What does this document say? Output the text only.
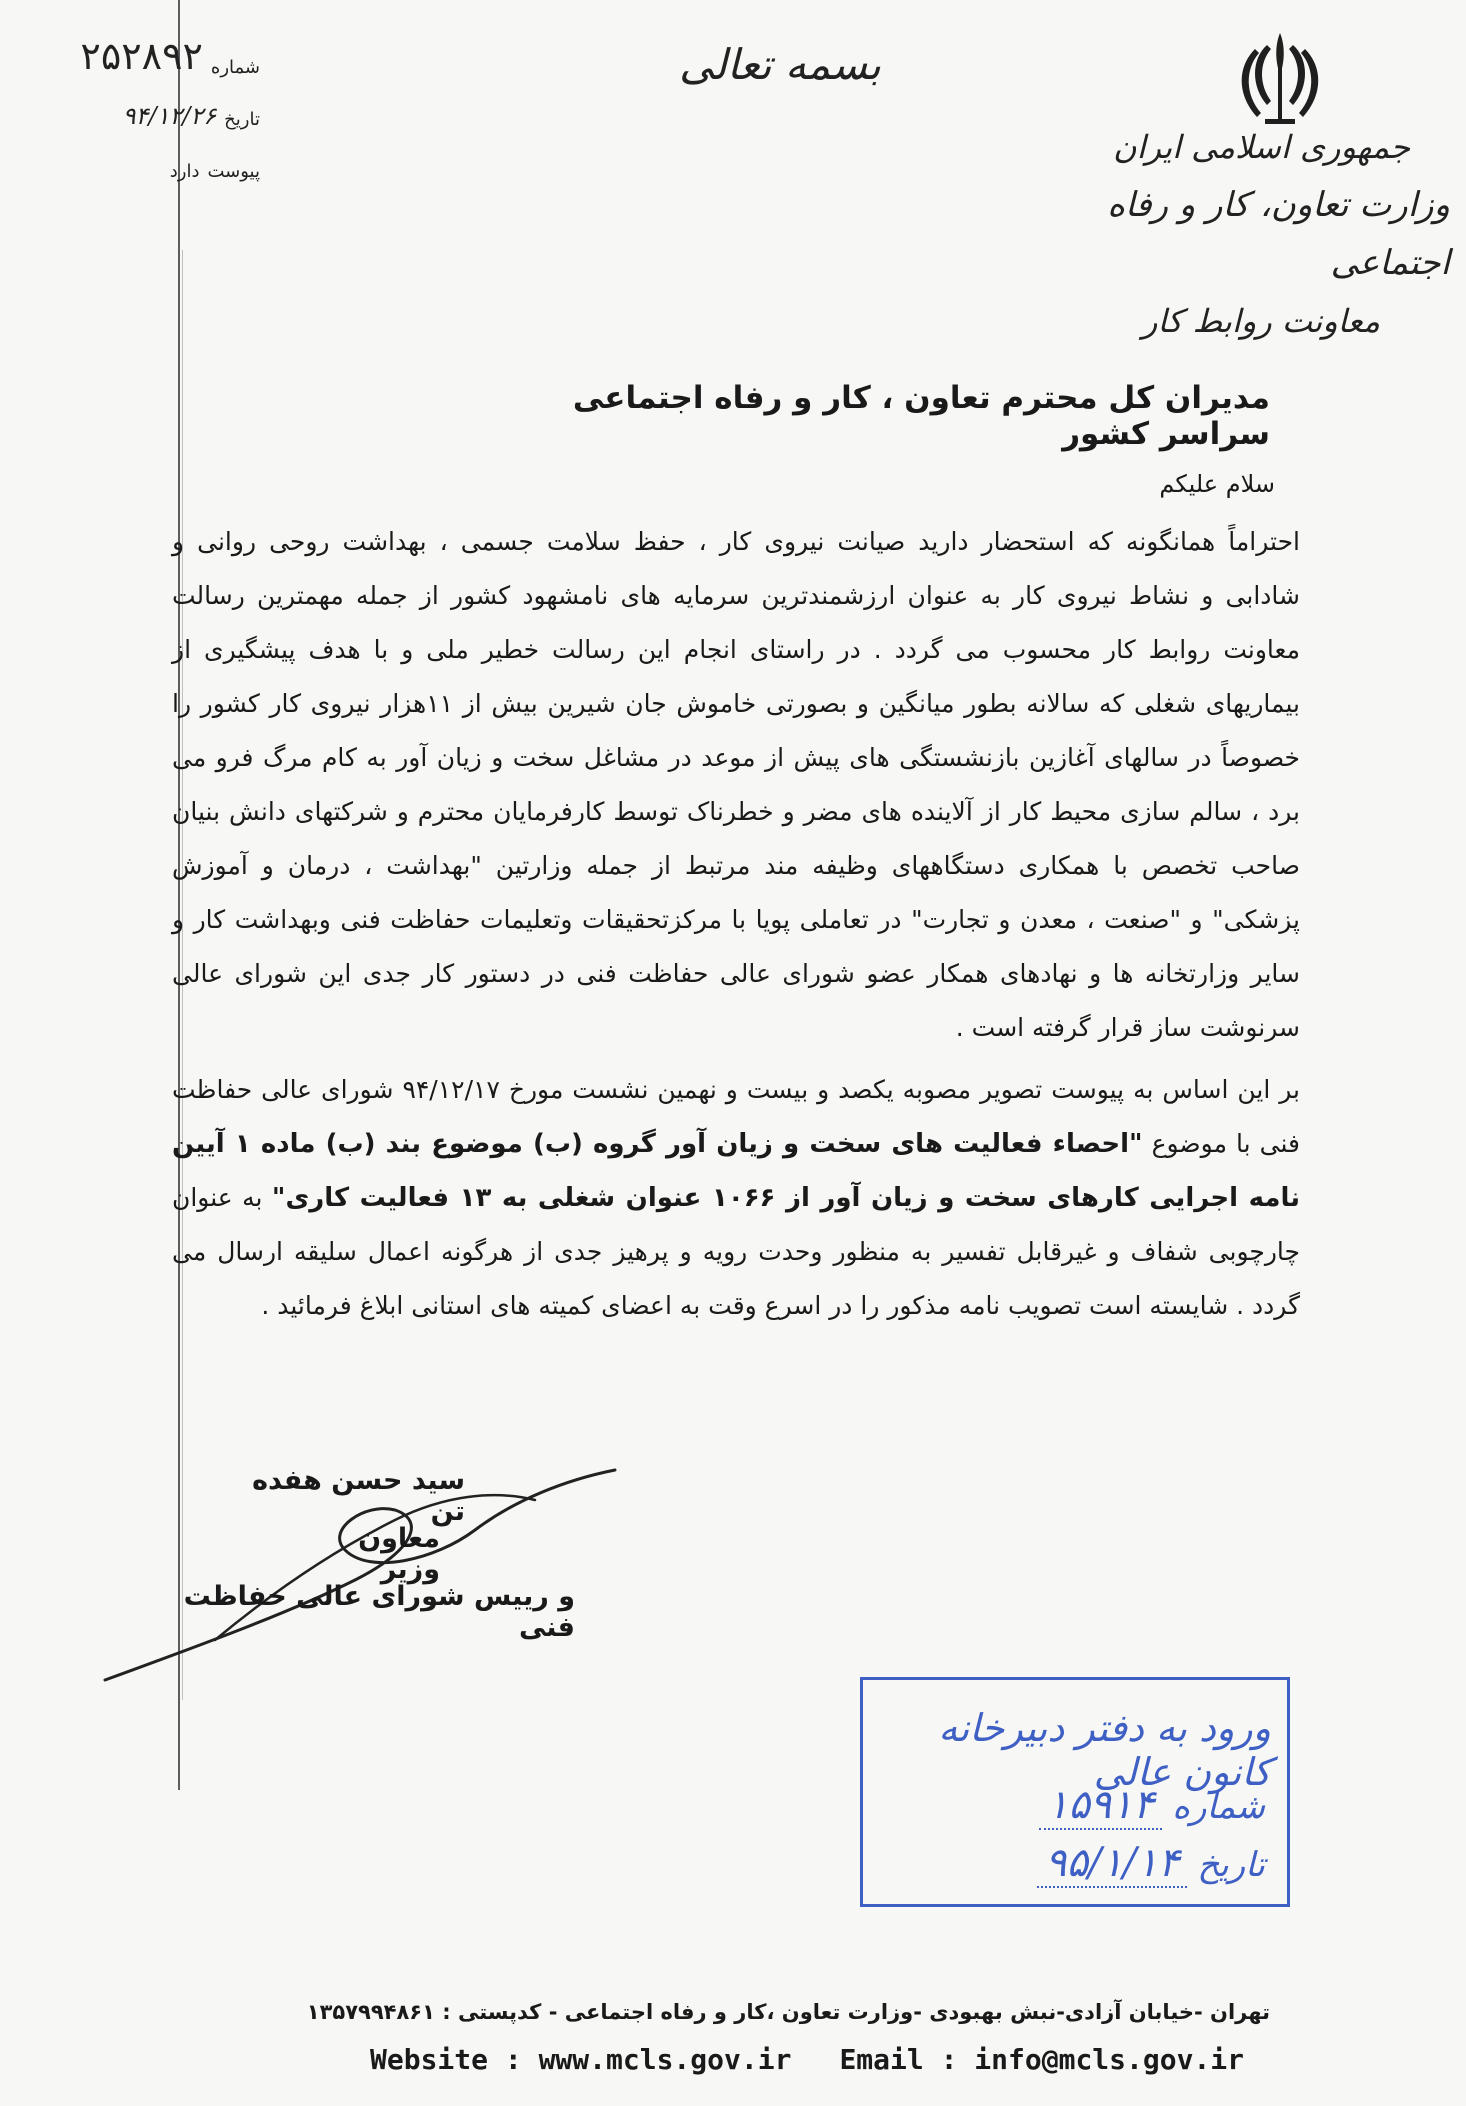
شماره
۲۵۲۸۹۲
تاریخ
۹۴/۱۲/۲۶
پیوست
دارد
بسمه تعالی
جمهوری اسلامی ایران
وزارت تعاون، کار و رفاه اجتماعی
معاونت روابط کار
مدیران کل محترم تعاون ، کار و رفاه اجتماعی سراسر کشور
سلام علیکم

احتراماً همانگونه که استحضار دارید صیانت نیروی کار ، حفظ سلامت جسمی ، بهداشت روحی روانی و شادابی و نشاط نیروی کار به عنوان ارزشمندترین سرمایه های نامشهود کشور از جمله مهمترین رسالت معاونت روابط کار محسوب می گردد . در راستای انجام این رسالت خطیر ملی و با هدف پیشگیری از بیماریهای شغلی که سالانه بطور میانگین و بصورتی خاموش جان شیرین بیش از ۱۱هزار نیروی کار کشور را خصوصاً در سالهای آغازین بازنشستگی های پیش از موعد در مشاغل سخت و زیان آور به کام مرگ فرو می برد ، سالم سازی محیط کار از آلاینده های مضر و خطرناک توسط کارفرمایان محترم و شرکتهای دانش بنیان صاحب تخصص با همکاری دستگاههای وظیفه مند مرتبط از جمله وزارتین "بهداشت ، درمان و آموزش پزشکی" و "صنعت ، معدن و تجارت" در تعاملی پویا با مرکزتحقیقات وتعلیمات حفاظت فنی وبهداشت کار و سایر وزارتخانه ها و نهادهای همکار عضو شورای عالی حفاظت فنی در دستور کار جدی این شورای عالی سرنوشت ساز قرار گرفته است .

بر این اساس به پیوست تصویر مصوبه یکصد و بیست و نهمین نشست مورخ ۹۴/۱۲/۱۷ شورای عالی حفاظت فنی با موضوع "احصاء فعالیت های سخت و زیان آور گروه (ب) موضوع بند (ب) ماده ۱ آیین نامه اجرایی کارهای سخت و زیان آور از ۱۰۶۶ عنوان شغلی به ۱۳ فعالیت کاری" به عنوان چارچوبی شفاف و غیرقابل تفسیر به منظور وحدت رویه و پرهیز جدی از هرگونه اعمال سلیقه ارسال می گردد . شایسته است تصویب نامه مذکور را در اسرع وقت به اعضای کمیته های استانی ابلاغ فرمائید .

سید حسن هفده تن
معاون وزیر
و رییس شورای عالی حفاظت فنی
ورود به دفتر دبیرخانه کانون عالی
شماره
۱۵۹۱۴
تاریخ
۹۵/۱/۱۴
تهران -خیابان آزادی-نبش بهبودی -وزارت تعاون ،کار و رفاه اجتماعی - کدپستی : ۱۳۵۷۹۹۴۸۶۱
Website : www.mcls.gov.ir Email : info@mcls.gov.ir
